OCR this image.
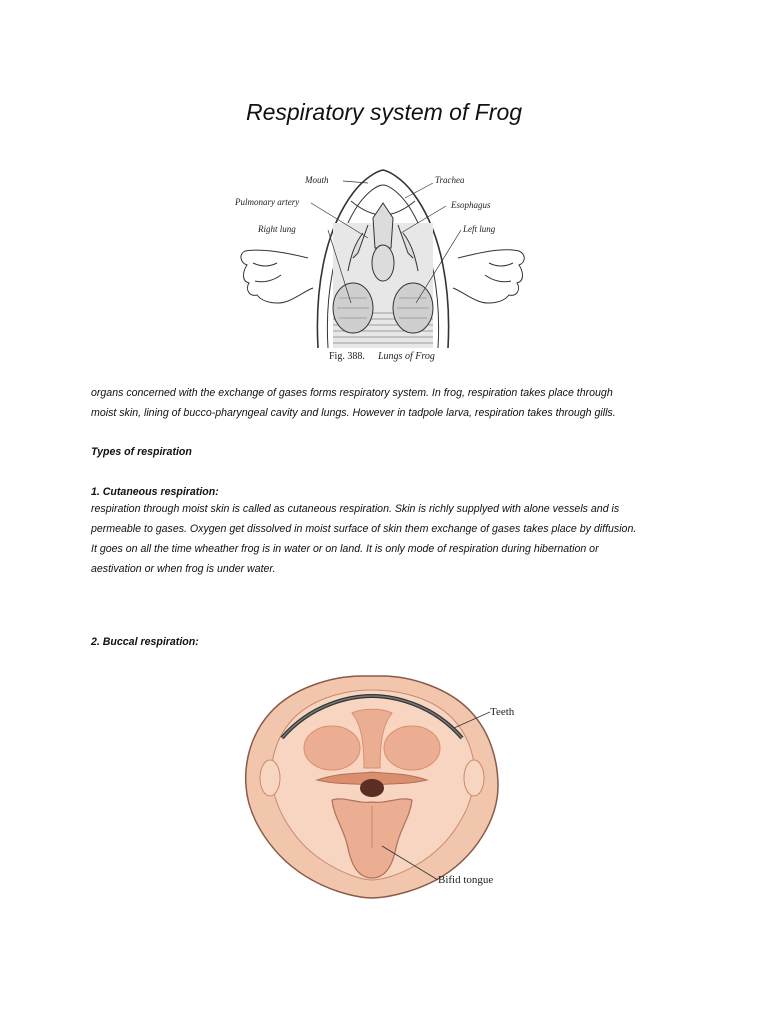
Respiratory system of Frog
Mouth	Trachea
Pulmonary artery	Esophagus
Right lung	Left lung
Fig. 388. Lungs of Frog
organs concerned with the exchange of gases forms respiratory system. In frog, respiration takes place through
moist skin, lining of bucco-pharyngeal cavity and lungs. However in tadpole larva, respiration takes through gills.
Types of respiration
1. Cutaneous respiration:
respiration through moist skin is called as cutaneous respiration. Skin is richly supplyed with alone vessels and is
permeable to gases. Oxygen get dissolved in moist surface of skin them exchange of gases takes place by diffusion.
It goes on all the time wheather frog is in water or on land. It is only mode of respiration during hibernation or
aestivation or when frog is under water.
2. Buccal respiration:
Teeth
Bifid tongue
